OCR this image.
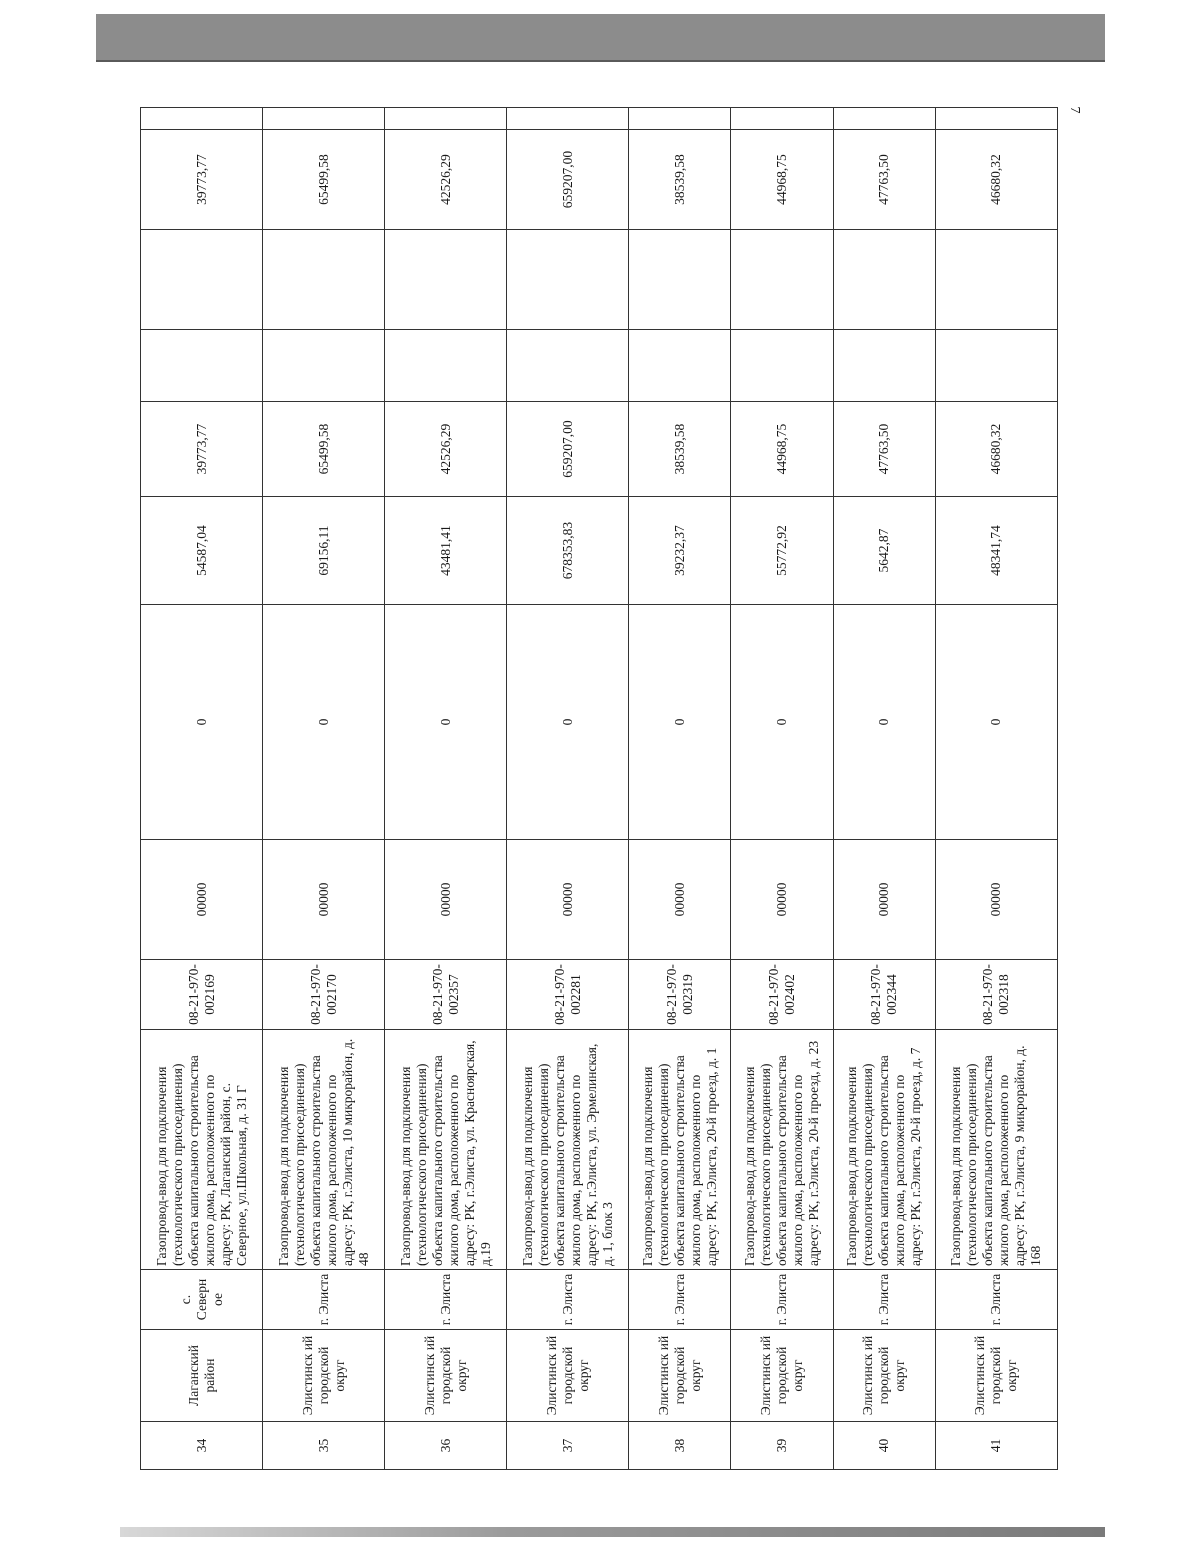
7
34	Лаганский район	с. Северн ое	Газопровод-ввод для подключения (технологического присоединения) объекта капитального строительства жилого дома, расположенного по адресу: РК, Лаганский район, с. Северное, ул.Школьная, д. 31 Г	08-21-970-002169	00000	0	54587,04	39773,77			39773,77	
35	Элистинск ий городской округ	г. Элиста	Газопровод-ввод для подключения (технологического присоединения) объекта капитального строительства жилого дома, расположенного по адресу: РК, г.Элиста, 10 микрорайон, д. 48	08-21-970-002170	00000	0	69156,11	65499,58			65499,58	
36	Элистинск ий городской округ	г. Элиста	Газопровод-ввод для подключения (технологического присоединения) объекта капитального строительства жилого дома, расположенного по адресу: РК, г.Элиста, ул. Красноярская, д.19	08-21-970-002357	00000	0	43481,41	42526,29			42526,29	
37	Элистинск ий городской округ	г. Элиста	Газопровод-ввод для подключения (технологического присоединения) объекта капитального строительства жилого дома, расположенного по адресу: РК, г.Элиста, ул. Эрмелинская, д. 1, блок 3	08-21-970-002281	00000	0	678353,83	659207,00			659207,00	
38	Элистинск ий городской округ	г. Элиста	Газопровод-ввод для подключения (технологического присоединения) объекта капитального строительства жилого дома, расположенного по адресу: РК, г.Элиста, 20-й проезд, д. 1	08-21-970-002319	00000	0	39232,37	38539,58			38539,58	
39	Элистинск ий городской округ	г. Элиста	Газопровод-ввод для подключения (технологического присоединения) объекта капитального строительства жилого дома, расположенного по адресу: РК, г.Элиста, 20-й проезд, д. 23	08-21-970-002402	00000	0	55772,92	44968,75			44968,75	
40	Элистинск ий городской округ	г. Элиста	Газопровод-ввод для подключения (технологического присоединения) объекта капитального строительства жилого дома, расположенного по адресу: РК, г.Элиста, 20-й проезд, д. 7	08-21-970-002344	00000	0	5642,87	47763,50			47763,50	
41	Элистинск ий городской округ	г. Элиста	Газопровод-ввод для подключения (технологического присоединения) объекта капитального строительства жилого дома, расположенного по адресу: РК, г.Элиста, 9 микрорайон, д. 168	08-21-970-002318	00000	0	48341,74	46680,32			46680,32	
